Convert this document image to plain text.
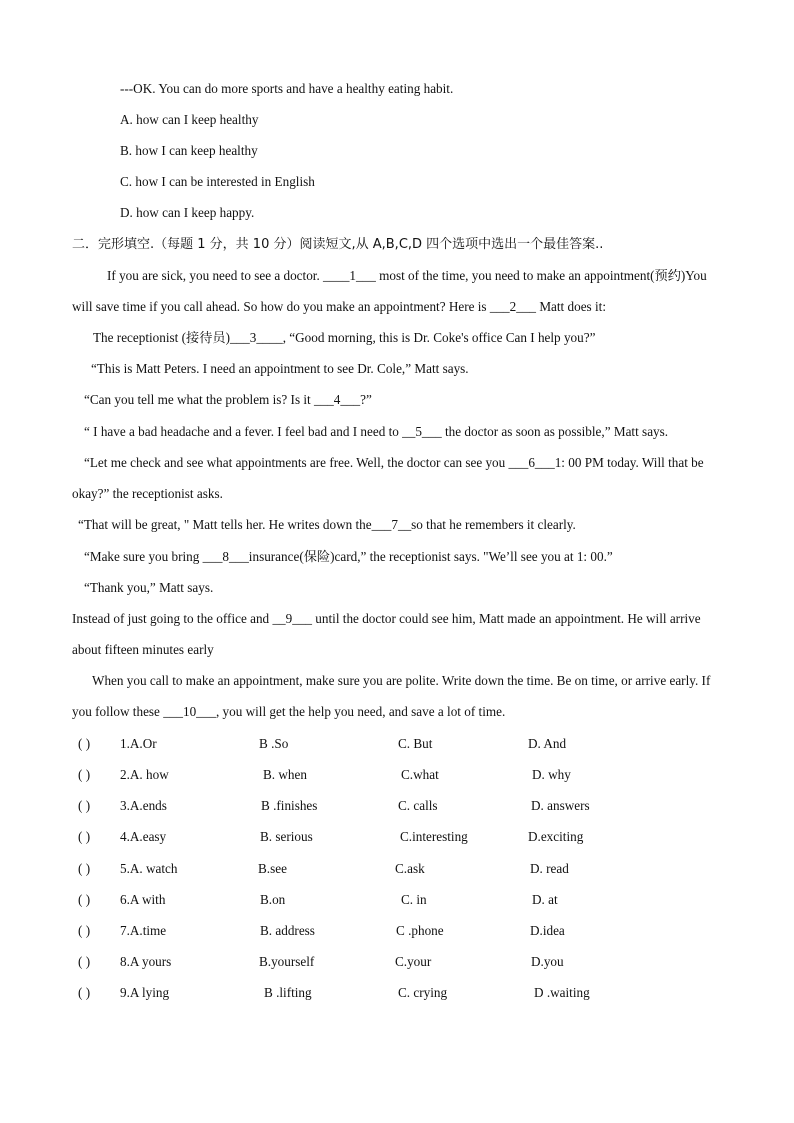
---OK. You can do more sports and have a healthy eating habit.
A. how can I keep healthy
B. how I can keep healthy
C. how I can be interested in English
D. how can I keep happy.
二．完形填空.（每题 1 分，共 10 分）阅读短文,从 A,B,C,D 四个选项中选出一个最佳答案..
If you are sick, you need to see a doctor. ____1___ most of the time, you need to make an appointment(预约)You will save time if you call ahead. So how do you make an appointment? Here is ___2___ Matt does it:
The receptionist (接待员)___3____, “Good morning, this is Dr. Coke's office Can I help you?”
“This is Matt Peters. I need an appointment to see Dr. Cole,” Matt says.
“Can you tell me what the problem is? Is it ___4___?”
“ I have a bad headache and a fever. I feel bad and I need to __5___ the doctor as soon as possible,” Matt says.
“Let me check and see what appointments are free. Well, the doctor can see you ___6___1: 00 PM today. Will that be okay?” the receptionist asks.
“That will be great, " Matt tells her. He writes down the___7__so that he remembers it clearly.
“Make sure you bring ___8___insurance(保险)card,” the receptionist says. "We’ll see you at 1: 00.”
“Thank you,” Matt says.
Instead of just going to the office and __9___ until the doctor could see him, Matt made an appointment. He will arrive about fifteen minutes early
When you call to make an appointment, make sure you are polite. Write down the time. Be on time, or arrive early. If you follow these ___10___, you will get the help you need, and save a lot of time.
( ) 1.A.Or	B .So	C. But	D. And
( ) 2.A. how	B. when	C.what	D. why
( ) 3.A.ends	B .finishes	C. calls	D. answers
( ) 4.A.easy	B. serious	C.interesting	D.exciting
( ) 5.A. watch	B.see	C.ask	D. read
( ) 6.A with	B.on	C. in	D. at
( ) 7.A.time	B. address	C .phone	D.idea
( ) 8.A yours	B.yourself	C.your	D.you
( ) 9.A lying	B .lifting	C. crying	D .waiting
